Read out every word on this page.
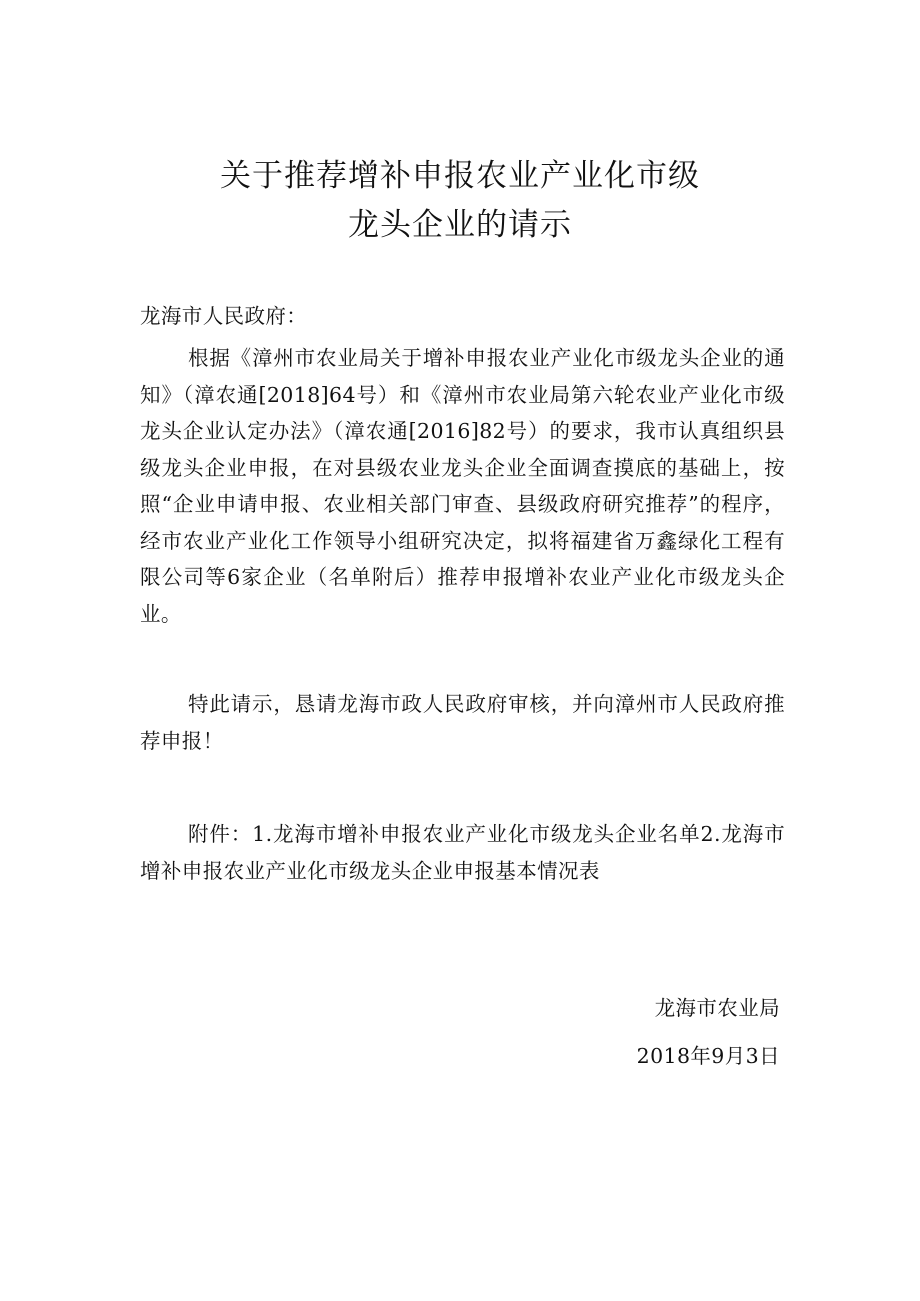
关于推荐增补申报农业产业化市级
龙头企业的请示
龙海市人民政府：
根据《漳州市农业局关于增补申报农业产业化市级龙头企业的通知》（漳农通[2018]64号）和《漳州市农业局第六轮农业产业化市级龙头企业认定办法》（漳农通[2016]82号）的要求，我市认真组织县级龙头企业申报，在对县级农业龙头企业全面调查摸底的基础上，按照“企业申请申报、农业相关部门审查、县级政府研究推荐”的程序，经市农业产业化工作领导小组研究决定，拟将福建省万鑫绿化工程有限公司等6家企业（名单附后）推荐申报增补农业产业化市级龙头企业。
特此请示，恳请龙海市政人民政府审核，并向漳州市人民政府推荐申报！
附件：1.龙海市增补申报农业产业化市级龙头企业名单2.龙海市增补申报农业产业化市级龙头企业申报基本情况表
龙海市农业局
2018年9月3日
